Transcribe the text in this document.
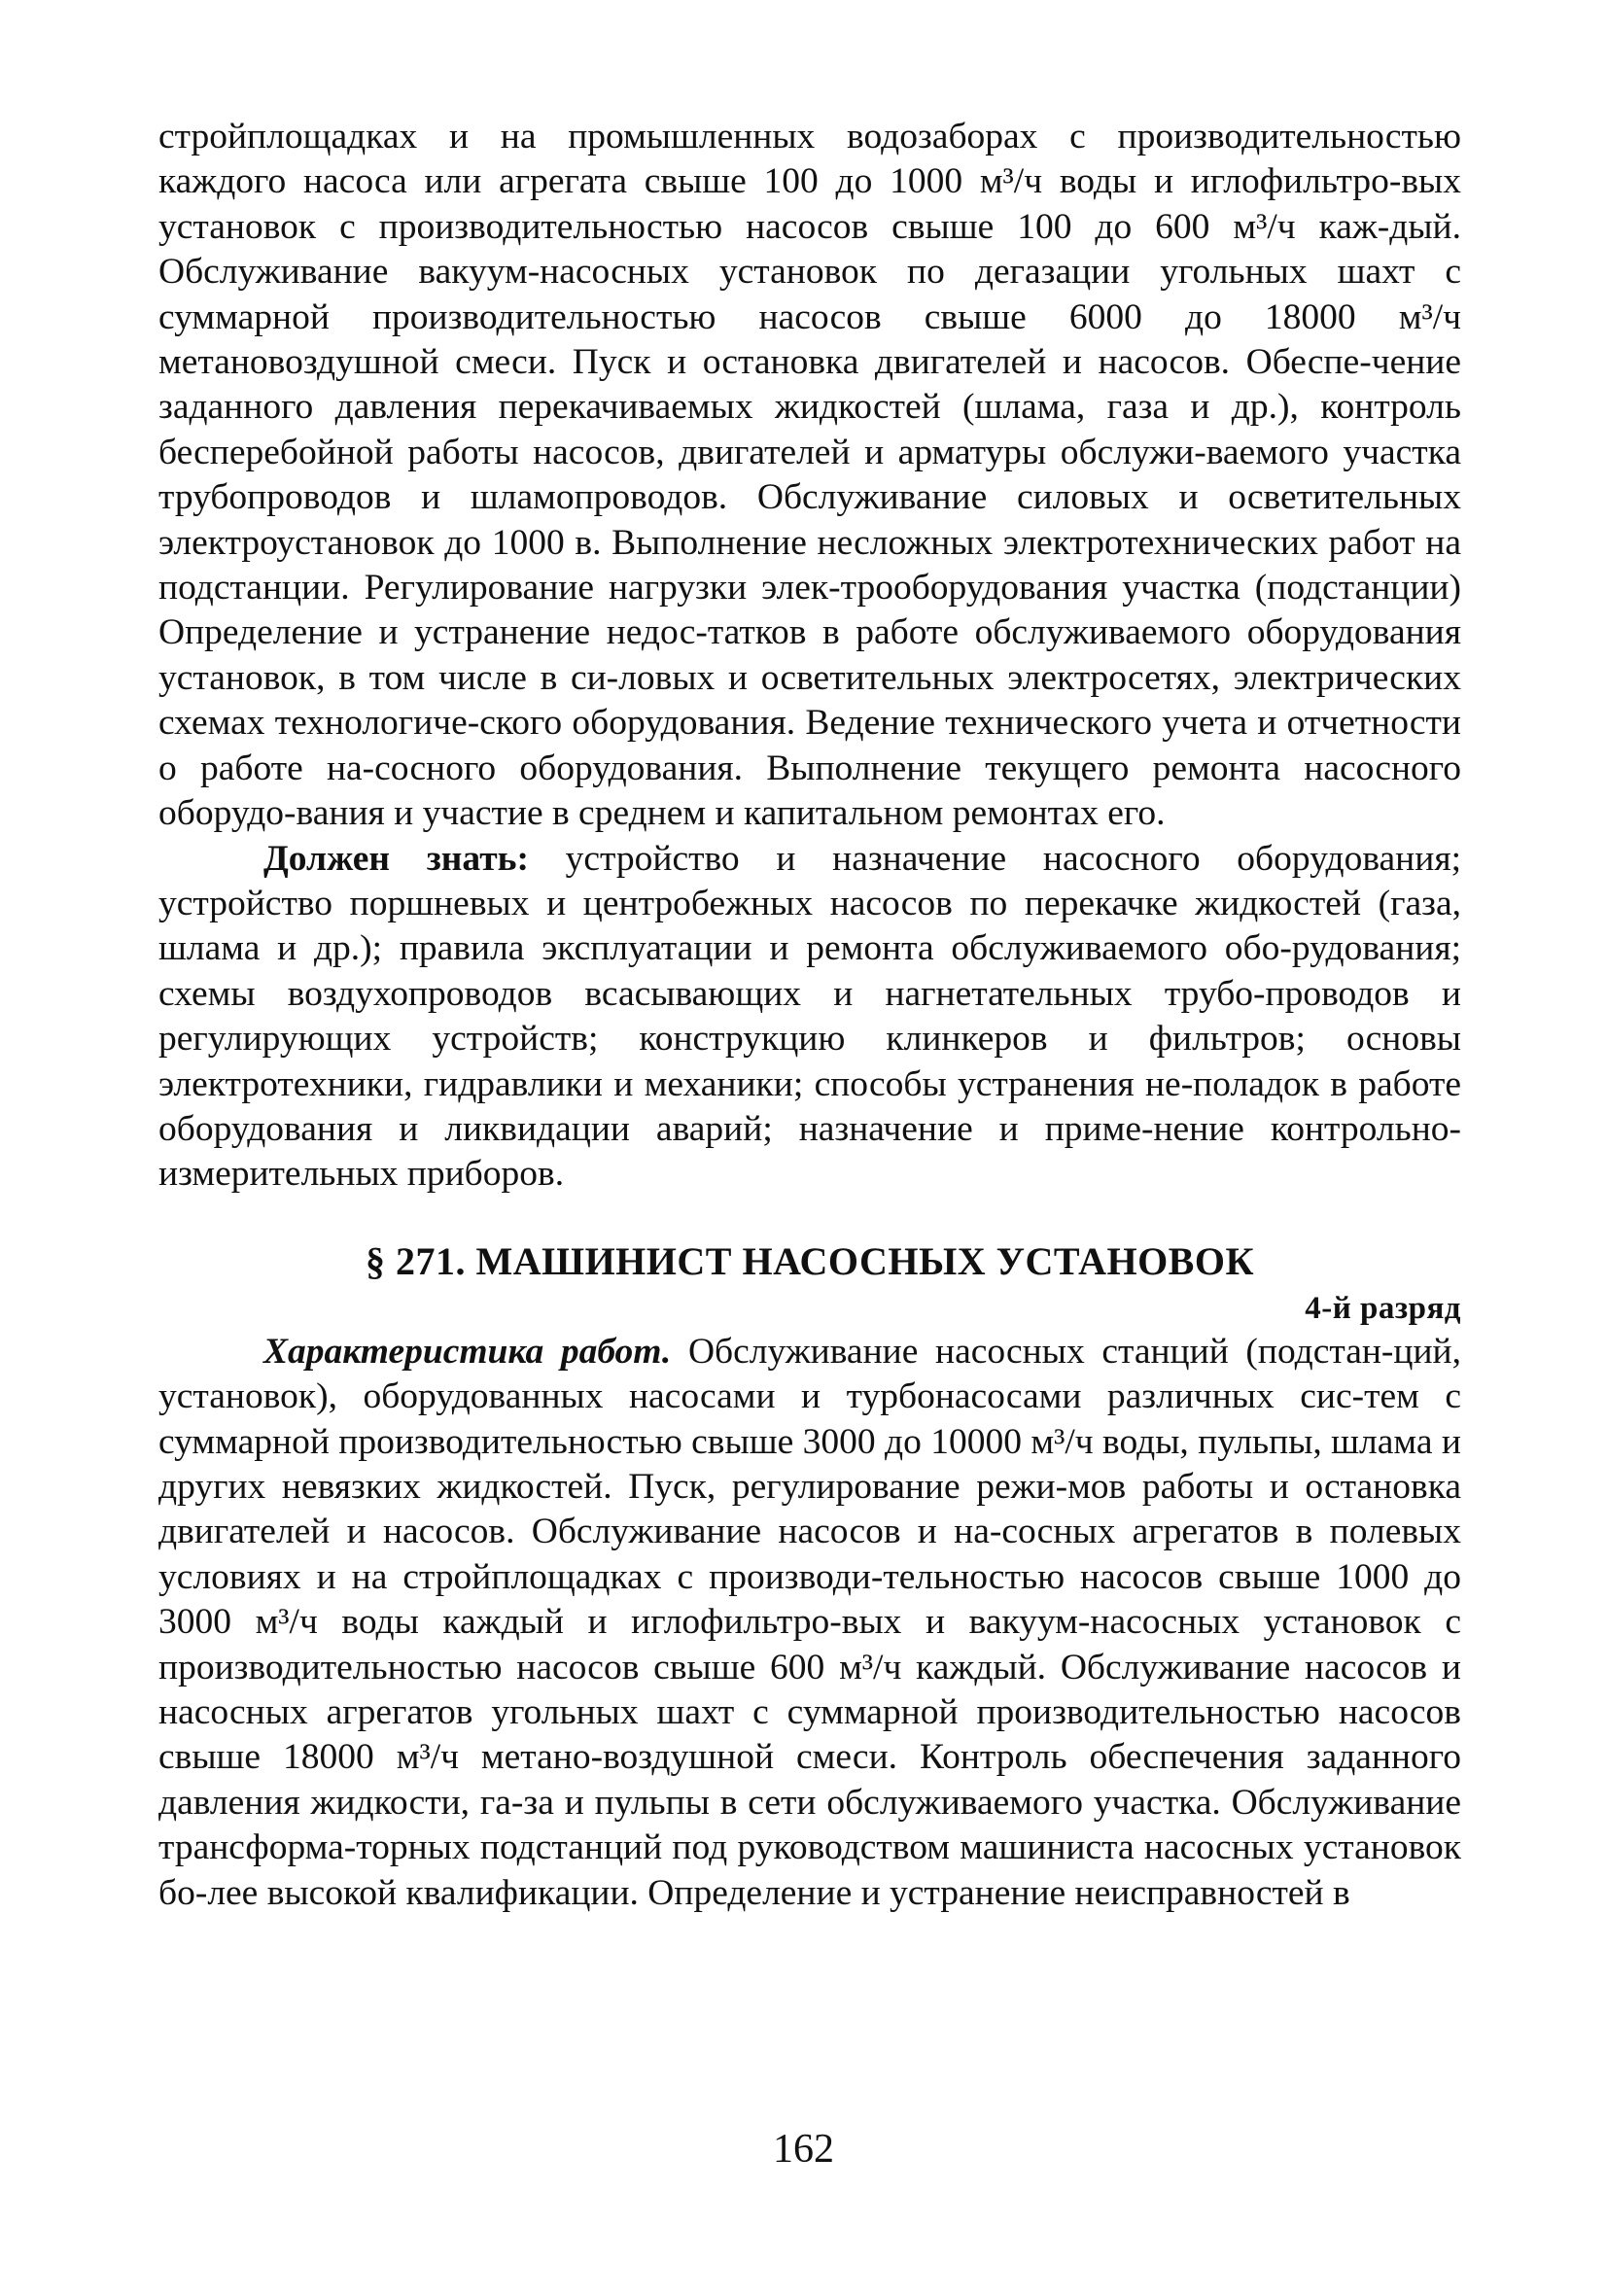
стройплощадках и на промышленных водозаборах с производительностью каждого насоса или агрегата свыше 100 до 1000 м³/ч воды и иглофильтро-вых установок с производительностью насосов свыше 100 до 600 м³/ч каж-дый. Обслуживание вакуум-насосных установок по дегазации угольных шахт с суммарной производительностью насосов свыше 6000 до 18000 м³/ч метановоздушной смеси. Пуск и остановка двигателей и насосов. Обеспе-чение заданного давления перекачиваемых жидкостей (шлама, газа и др.), контроль бесперебойной работы насосов, двигателей и арматуры обслужи-ваемого участка трубопроводов и шламопроводов. Обслуживание силовых и осветительных электроустановок до 1000 в. Выполнение несложных электротехнических работ на подстанции. Регулирование нагрузки элек-трооборудования участка (подстанции) Определение и устранение недос-татков в работе обслуживаемого оборудования установок, в том числе в си-ловых и осветительных электросетях, электрических схемах технологиче-ского оборудования. Ведение технического учета и отчетности о работе на-сосного оборудования. Выполнение текущего ремонта насосного оборудо-вания и участие в среднем и капитальном ремонтах его.

Должен знать: устройство и назначение насосного оборудования; устройство поршневых и центробежных насосов по перекачке жидкостей (газа, шлама и др.); правила эксплуатации и ремонта обслуживаемого обо-рудования; схемы воздухопроводов всасывающих и нагнетательных трубо-проводов и регулирующих устройств; конструкцию клинкеров и фильтров; основы электротехники, гидравлики и механики; способы устранения не-поладок в работе оборудования и ликвидации аварий; назначение и приме-нение контрольно-измерительных приборов.

§ 271. МАШИНИСТ НАСОСНЫХ УСТАНОВОК

4-й разряд

Характеристика работ. Обслуживание насосных станций (подстан-ций, установок), оборудованных насосами и турбонасосами различных сис-тем с суммарной производительностью свыше 3000 до 10000 м³/ч воды, пульпы, шлама и других невязких жидкостей. Пуск, регулирование режи-мов работы и остановка двигателей и насосов. Обслуживание насосов и на-сосных агрегатов в полевых условиях и на стройплощадках с производи-тельностью насосов свыше 1000 до 3000 м³/ч воды каждый и иглофильтро-вых и вакуум-насосных установок с производительностью насосов свыше 600 м³/ч каждый. Обслуживание насосов и насосных агрегатов угольных шахт с суммарной производительностью насосов свыше 18000 м³/ч метано-воздушной смеси. Контроль обеспечения заданного давления жидкости, га-за и пульпы в сети обслуживаемого участка. Обслуживание трансформа-торных подстанций под руководством машиниста насосных установок бо-лее высокой квалификации. Определение и устранение неисправностей в

162
